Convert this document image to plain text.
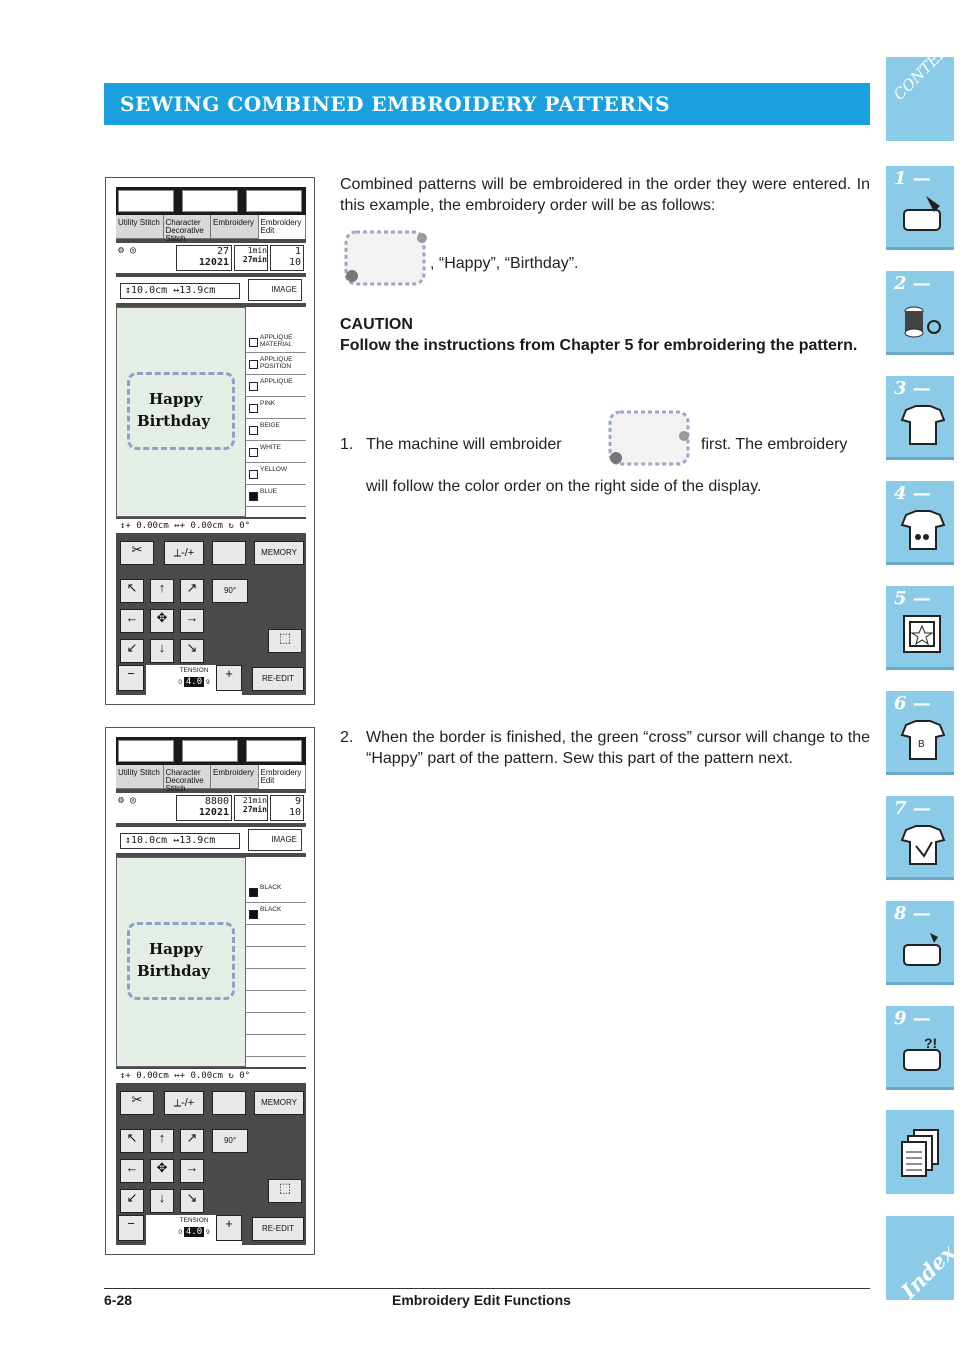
SEWING COMBINED EMBROIDERY PATTERNS
CONTENTS
1 —
2 —
3 —
4 —
5 —
6 —
B
7 —
8 —
9 —
?!
Index
Combined patterns will be embroidered in the order they were entered. In this example, the embroidery order will be as follows:
, “Happy”, “Birthday”.
CAUTION
Follow the instructions from Chapter 5 for embroidering the pattern.
1. The machine will embroider	first. The embroidery
will follow the color order on the right side of the display.
2. When the border is finished, the green “cross” cursor will change to the “Happy” part of the pattern. Sew this part of the pattern next.
Utility Stitch Character Decorative Stitch
Embroidery Embroidery Edit
⚙ ◎	27
12021
1min
27min
1
10
↕10.0cm ↔13.9cm	IMAGE
Happy
Birthday
APPLIQUE MATERIAL
APPLIQUE POSITION
APPLIQUE
PINK
BEIGE
WHITE
YELLOW
BLUE
↕+ 0.00cm ↔+ 0.00cm ↻ 0°
✂	⟂-/+	MEMORY
↖	↑	↗	90°
←	✥	→
↙	↓	↘
⬚
−	TENSION
0 4.0 9
+	RE-EDIT
Utility Stitch Character Decorative Stitch
Embroidery Embroidery Edit
⚙ ◎	8800
12021
21min
27min
9
10
↕10.0cm ↔13.9cm	IMAGE
Happy
Birthday
BLACK
BLACK
↕+ 0.00cm ↔+ 0.00cm ↻ 0°
✂	⟂-/+	MEMORY
↖	↑	↗	90°
←	✥	→
↙	↓	↘
⬚
−	TENSION
0 4.0 9
+	RE-EDIT
6-28	Embroidery Edit Functions
